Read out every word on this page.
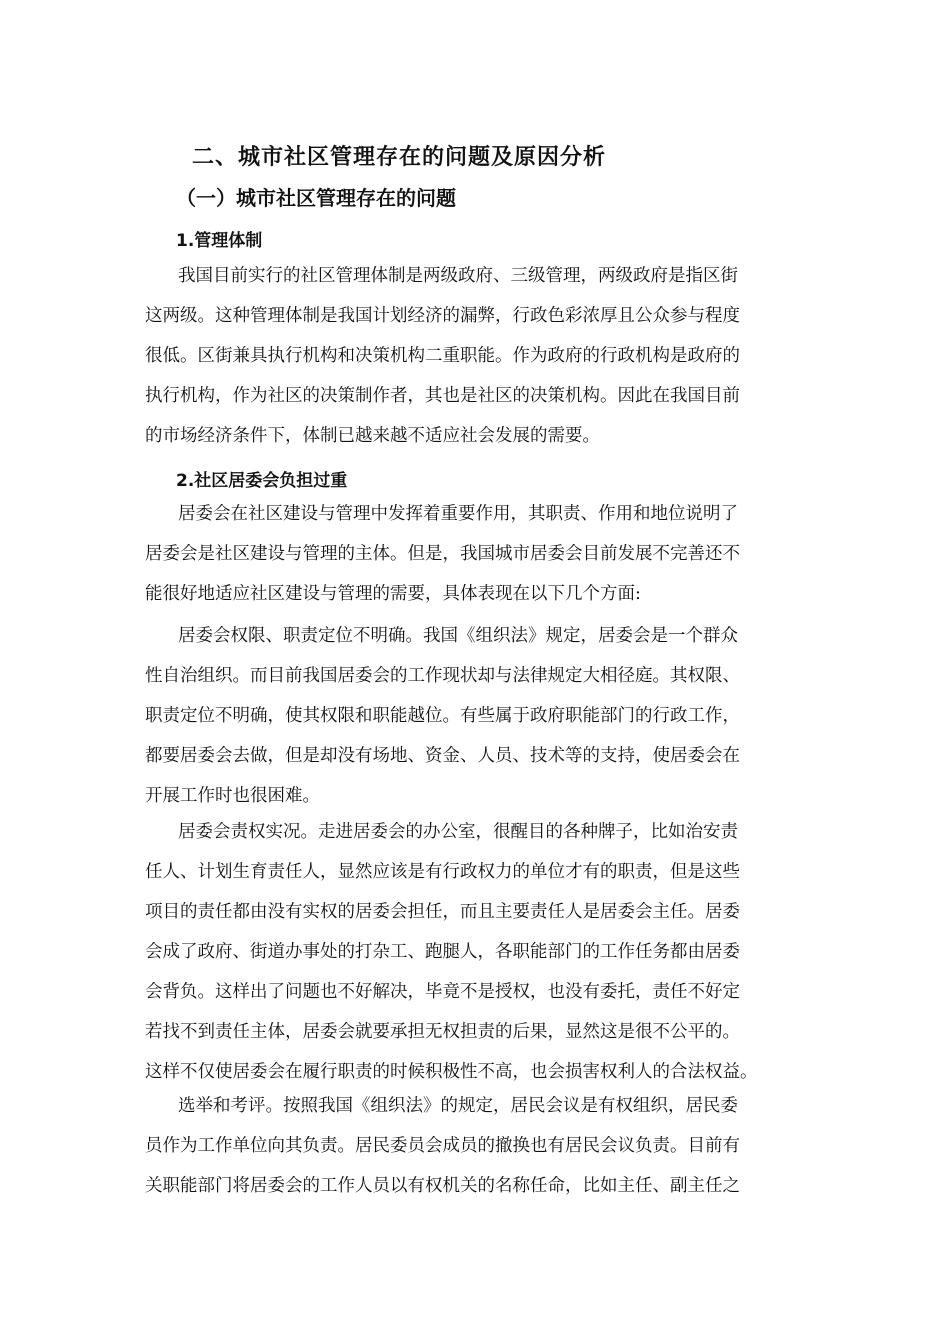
二、城市社区管理存在的问题及原因分析
（一）城市社区管理存在的问题
1.管理体制
我国目前实行的社区管理体制是两级政府、三级管理，两级政府是指区街
这两级。这种管理体制是我国计划经济的漏弊，行政色彩浓厚且公众参与程度
很低。区街兼具执行机构和决策机构二重职能。作为政府的行政机构是政府的
执行机构，作为社区的决策制作者，其也是社区的决策机构。因此在我国目前
的市场经济条件下，体制已越来越不适应社会发展的需要。
2.社区居委会负担过重
居委会在社区建设与管理中发挥着重要作用，其职责、作用和地位说明了
居委会是社区建设与管理的主体。但是，我国城市居委会目前发展不完善还不
能很好地适应社区建设与管理的需要，具体表现在以下几个方面:
居委会权限、职责定位不明确。我国《组织法》规定，居委会是一个群众
性自治组织。而目前我国居委会的工作现状却与法律规定大相径庭。其权限、
职责定位不明确，使其权限和职能越位。有些属于政府职能部门的行政工作，
都要居委会去做，但是却没有场地、资金、人员、技术等的支持，使居委会在
开展工作时也很困难。
居委会责权实况。走进居委会的办公室，很醒目的各种牌子，比如治安责
任人、计划生育责任人，显然应该是有行政权力的单位才有的职责，但是这些
项目的责任都由没有实权的居委会担任，而且主要责任人是居委会主任。居委
会成了政府、街道办事处的打杂工、跑腿人，各职能部门的工作任务都由居委
会背负。这样出了问题也不好解决，毕竟不是授权，也没有委托，责任不好定
若找不到责任主体，居委会就要承担无权担责的后果，显然这是很不公平的。
这样不仅使居委会在履行职责的时候积极性不高，也会损害权利人的合法权益。
选举和考评。按照我国《组织法》的规定，居民会议是有权组织，居民委
员作为工作单位向其负责。居民委员会成员的撤换也有居民会议负责。目前有
关职能部门将居委会的工作人员以有权机关的名称任命，比如主任、副主任之
